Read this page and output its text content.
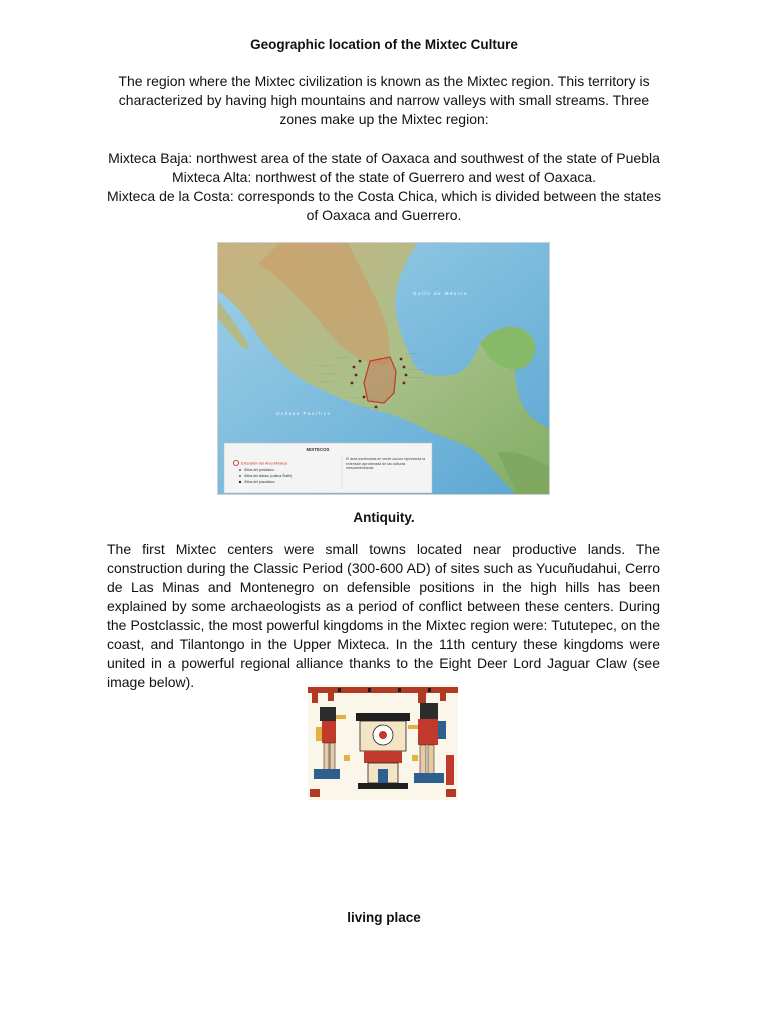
Geographic location of the Mixtec Culture

The region where the Mixtec civilization is known as the Mixtec region. This territory is characterized by having high mountains and narrow valleys with small streams. Three zones make up the Mixtec region:

Mixteca Baja: northwest area of the state of Oaxaca and southwest of the state of Puebla
Mixteca Alta: northwest of the state of Guerrero and west of Oaxaca.
Mixteca de la Costa: corresponds to the Costa Chica, which is divided between the states of Oaxaca and Guerrero.
· · · · · · ·
· · · · · · · · ·
· · · · · · ·
· · · · · · · ·
· · · · · · ·
· · · · · ·
· · · · · · ·
· · · · · · · ·
· · · · ·
· · · · · ·
Golfo de México
Océano Pacífico
MIXTECOS
Extensión del Área Mixteca
Sitios del preclásico
Sitios del clásico (cultura Ñuiñe)
Sitios del posclásico
El área sombreada en verde oscuro representa la extensión aproximada de las culturas mesoamericanas
Antiquity.

The first Mixtec centers were small towns located near productive lands. The construction during the Classic Period (300-600 AD) of sites such as Yucuñudahui, Cerro de Las Minas and Montenegro on defensible positions in the high hills has been explained by some archaeologists as a period of conflict between these centers. During the Postclassic, the most powerful kingdoms in the Mixtec region were: Tututepec, on the coast, and Tilantongo in the Upper Mixteca. In the 11th century these kingdoms were united in a powerful regional alliance thanks to the Eight Deer Lord Jaguar Claw (see image below).

living place
